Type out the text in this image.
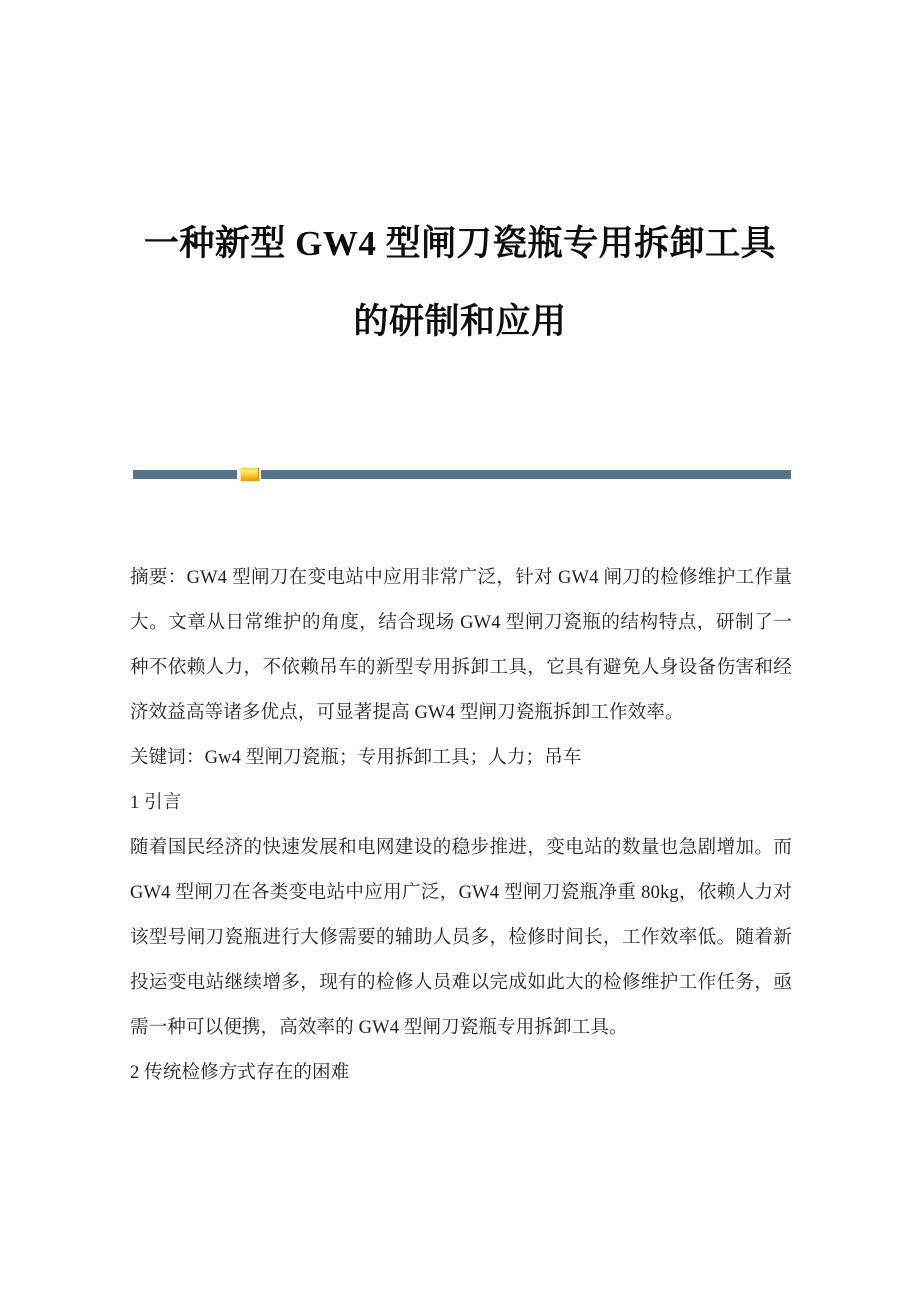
一种新型 GW4 型闸刀瓷瓶专用拆卸工具
的研制和应用

摘要：GW4 型闸刀在变电站中应用非常广泛，针对 GW4 闸刀的检修维护工作量大。文章从日常维护的角度，结合现场 GW4 型闸刀瓷瓶的结构特点，研制了一种不依赖人力，不依赖吊车的新型专用拆卸工具，它具有避免人身设备伤害和经济效益高等诸多优点，可显著提高 GW4 型闸刀瓷瓶拆卸工作效率。

关键词：Gw4 型闸刀瓷瓶；专用拆卸工具；人力；吊车

1 引言

随着国民经济的快速发展和电网建设的稳步推进，变电站的数量也急剧增加。而 GW4 型闸刀在各类变电站中应用广泛，GW4 型闸刀瓷瓶净重 80kg，依赖人力对该型号闸刀瓷瓶进行大修需要的辅助人员多，检修时间长，工作效率低。随着新投运变电站继续增多，现有的检修人员难以完成如此大的检修维护工作任务，亟需一种可以便携，高效率的 GW4 型闸刀瓷瓶专用拆卸工具。

2 传统检修方式存在的困难
